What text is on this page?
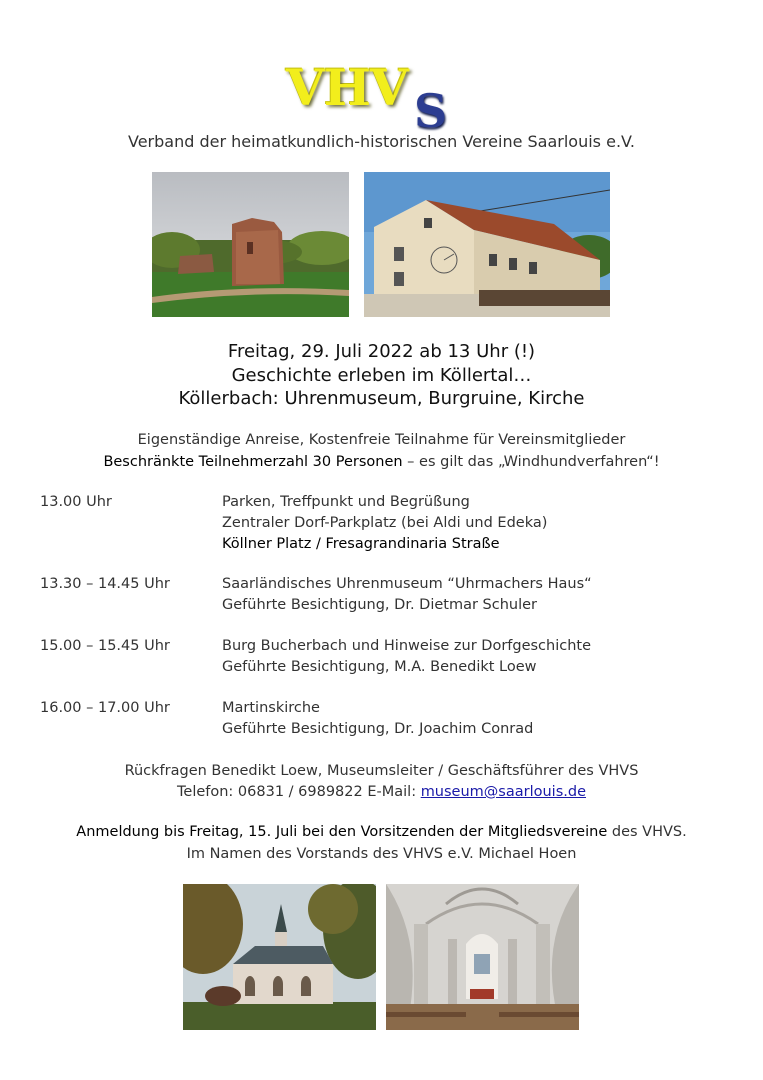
VHV S
Verband der heimatkundlich-historischen Vereine Saarlouis e.V.
Freitag, 29. Juli 2022 ab 13 Uhr (!)
Geschichte erleben im Köllertal…
Köllerbach: Uhrenmuseum, Burgruine, Kirche
Eigenständige Anreise, Kostenfreie Teilnahme für Vereinsmitglieder
Beschränkte Teilnehmerzahl 30 Personen – es gilt das „Windhundverfahren“!
13.00 Uhr	Parken, Treffpunkt und Begrüßung
Zentraler Dorf-Parkplatz (bei Aldi und Edeka)
Köllner Platz / Fresagrandinaria Straße
13.30 – 14.45 Uhr	Saarländisches Uhrenmuseum “Uhrmachers Haus“
Geführte Besichtigung, Dr. Dietmar Schuler
15.00 – 15.45 Uhr	Burg Bucherbach und Hinweise zur Dorfgeschichte
Geführte Besichtigung, M.A. Benedikt Loew
16.00 – 17.00 Uhr	Martinskirche
Geführte Besichtigung, Dr. Joachim Conrad
Rückfragen Benedikt Loew, Museumsleiter / Geschäftsführer des VHVS
Telefon: 06831 / 6989822 E-Mail: museum@saarlouis.de
Anmeldung bis Freitag, 15. Juli bei den Vorsitzenden der Mitgliedsvereine des VHVS.
Im Namen des Vorstands des VHVS e.V. Michael Hoen
